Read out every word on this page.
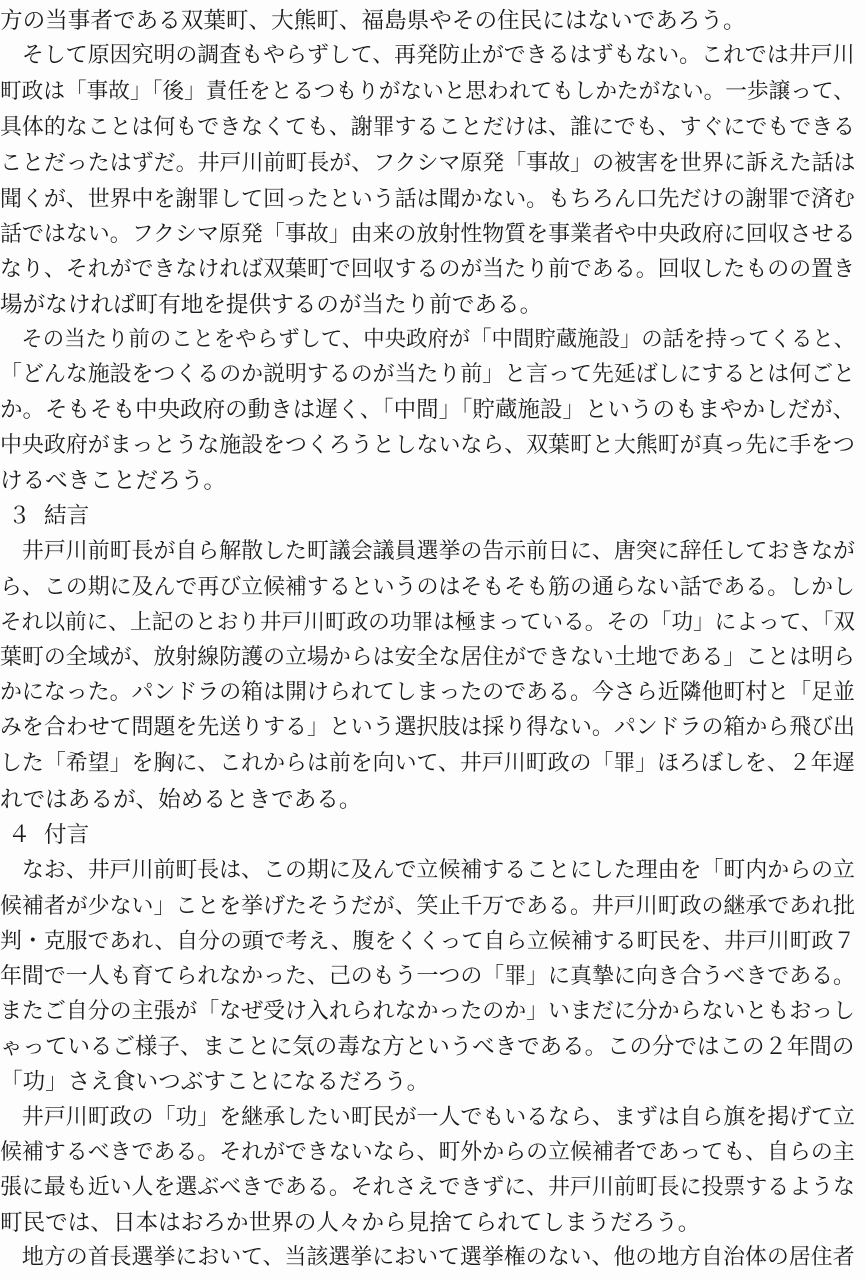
方の当事者である双葉町、大熊町、福島県やその住民にはないであろう。
　そして原因究明の調査もやらずして、再発防止ができるはずもない。これでは井戸川
町政は「事故」「後」責任をとるつもりがないと思われてもしかたがない。一歩譲って、
具体的なことは何もできなくても、謝罪することだけは、誰にでも、すぐにでもできる
ことだったはずだ。井戸川前町長が、フクシマ原発「事故」の被害を世界に訴えた話は
聞くが、世界中を謝罪して回ったという話は聞かない。もちろん口先だけの謝罪で済む
話ではない。フクシマ原発「事故」由来の放射性物質を事業者や中央政府に回収させる
なり、それができなければ双葉町で回収するのが当たり前である。回収したものの置き
場がなければ町有地を提供するのが当たり前である。
　その当たり前のことをやらずして、中央政府が「中間貯蔵施設」の話を持ってくると、
「どんな施設をつくるのか説明するのが当たり前」と言って先延ばしにするとは何ごと
か。そもそも中央政府の動きは遅く、「中間」「貯蔵施設」というのもまやかしだが、
中央政府がまっとうな施設をつくろうとしないなら、双葉町と大熊町が真っ先に手をつ
けるべきことだろう。
３ 結言
　井戸川前町長が自ら解散した町議会議員選挙の告示前日に、唐突に辞任しておきなが
ら、この期に及んで再び立候補するというのはそもそも筋の通らない話である。しかし
それ以前に、上記のとおり井戸川町政の功罪は極まっている。その「功」によって、「双
葉町の全域が、放射線防護の立場からは安全な居住ができない土地である」ことは明ら
かになった。パンドラの箱は開けられてしまったのである。今さら近隣他町村と「足並
みを合わせて問題を先送りする」という選択肢は採り得ない。パンドラの箱から飛び出
した「希望」を胸に、これからは前を向いて、井戸川町政の「罪」ほろぼしを、２年遅
れではあるが、始めるときである。
４ 付言
　なお、井戸川前町長は、この期に及んで立候補することにした理由を「町内からの立
候補者が少ない」ことを挙げたそうだが、笑止千万である。井戸川町政の継承であれ批
判・克服であれ、自分の頭で考え、腹をくくって自ら立候補する町民を、井戸川町政７
年間で一人も育てられなかった、己のもう一つの「罪」に真摯に向き合うべきである。
またご自分の主張が「なぜ受け入れられなかったのか」いまだに分からないともおっし
ゃっているご様子、まことに気の毒な方というべきである。この分ではこの２年間の
「功」さえ食いつぶすことになるだろう。
　井戸川町政の「功」を継承したい町民が一人でもいるなら、まずは自ら旗を掲げて立
候補するべきである。それができないなら、町外からの立候補者であっても、自らの主
張に最も近い人を選ぶべきである。それさえできずに、井戸川前町長に投票するような
町民では、日本はおろか世界の人々から見捨てられてしまうだろう。
　地方の首長選挙において、当該選挙において選挙権のない、他の地方自治体の居住者
